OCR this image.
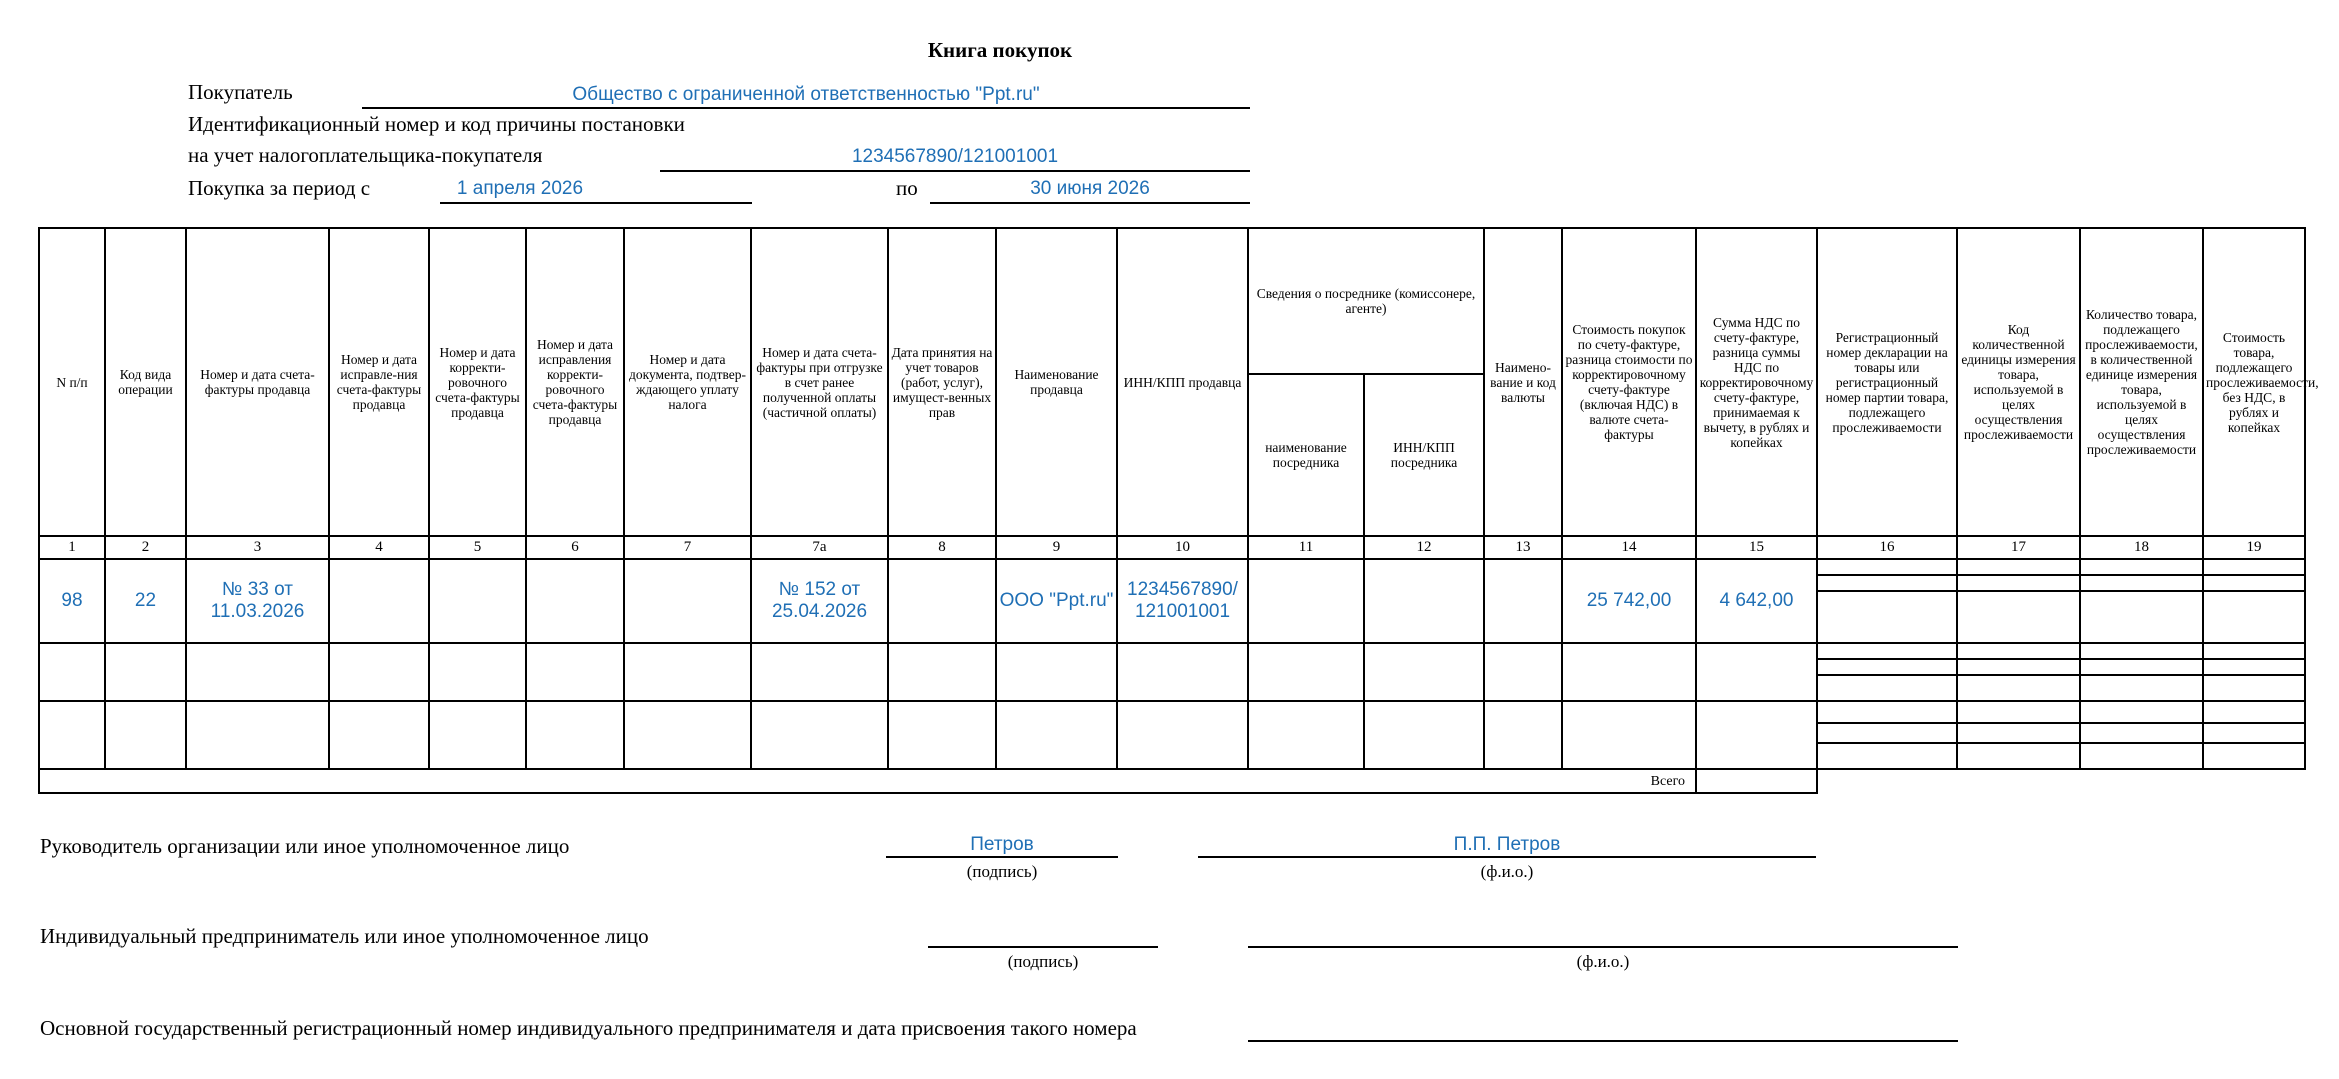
Книга покупок
Покупатель	Общество с ограниченной ответственностью "Ppt.ru"
Идентификационный номер и код причины постановки
на учет налогоплательщика-покупателя	1234567890/121001001
Покупка за период с	1 апреля 2026	по	30 июня 2026
N п/п	Код вида операции	Номер и дата счета-фактуры продавца	Номер и дата исправле-ния счета-фактуры продавца	Номер и дата корректи-ровочного счета-фактуры продавца	Номер и дата исправления корректи-ровочного счета-фактуры продавца	Номер и дата документа, подтвер-ждающего уплату налога	Номер и дата счета-фактуры при отгрузке в счет ранее полученной оплаты (частичной оплаты)	Дата принятия на учет товаров (работ, услуг), имущест-венных прав	Наименование продавца	ИНН/КПП продавца	Сведения о посреднике (комиссонере, агенте)		Наимено-вание и код валюты	Стоимость покупок по счету-фактуре, разница стоимости по корректировочному счету-фактуре (включая НДС) в валюте счета-фактуры	Сумма НДС по счету-фактуре, разница суммы НДС по корректировочному счету-фактуре, принимаемая к вычету, в рублях и копейках	Регистрационный номер декларации на товары или регистрационный номер партии товара, подлежащего прослеживаемости	Код количественной единицы измерения товара, используемой в целях осуществления прослеживаемости	Количество товара, подлежащего прослеживаемости, в количественной единице измерения товара, используемой в целях осуществления прослеживаемости	Стоимость товара, подлежащего прослеживаемости, без НДС, в рублях и копейках
											наименование посредника	ИНН/КПП посредника							
1	2	3	4	5	6	7	7а	8	9	10	11	12	13	14	15	16	17	18	19
98	22	№ 33 от 11.03.2026					№ 152 от 25.04.2026		ООО "Ppt.ru"	1234567890/ 121001001				25 742,00	4 642,00	

Всего																			
Руководитель организации или иное уполномоченное лицо	Петров
(подпись)
П.П. Петров
(ф.и.о.)
Индивидуальный предприниматель или иное уполномоченное лицо
(подпись)	(ф.и.о.)
Основной государственный регистрационный номер индивидуального предпринимателя и дата присвоения такого номера
